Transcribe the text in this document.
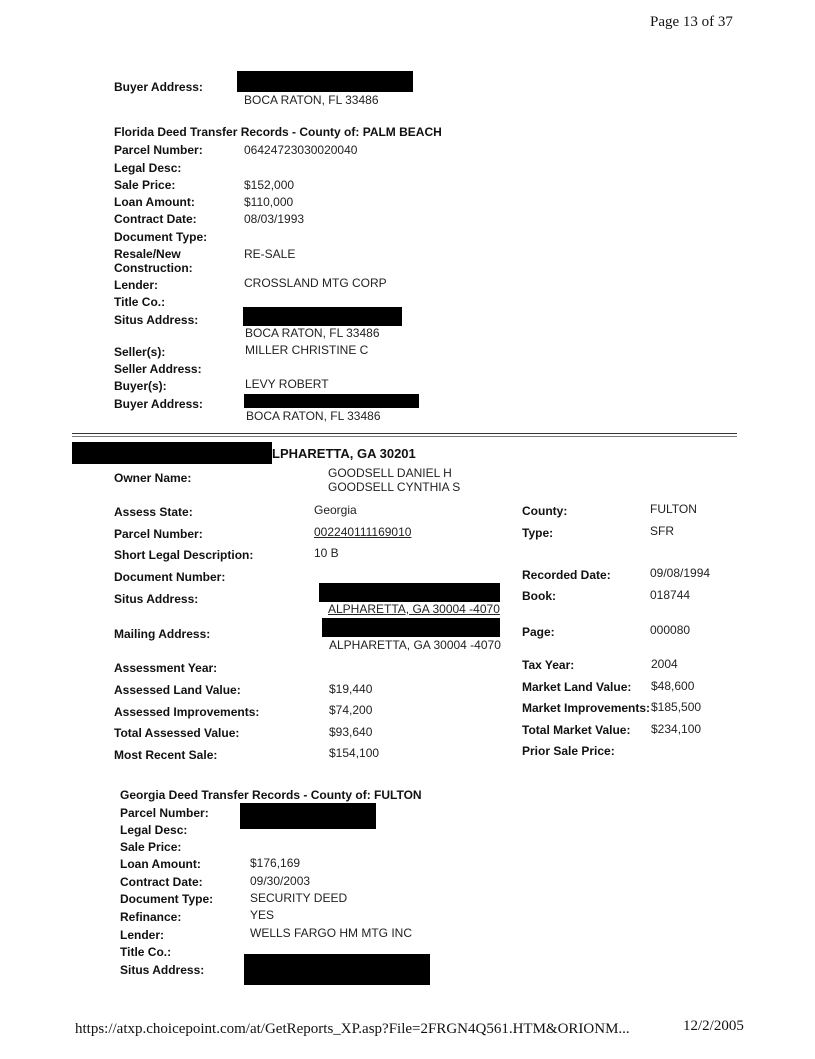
Page 13 of 37
Buyer Address:
BOCA RATON, FL 33486
Florida Deed Transfer Records - County of: PALM BEACH
Parcel Number:	06424723030020040
Legal Desc:
Sale Price:	$152,000
Loan Amount:	$110,000
Contract Date:	08/03/1993
Document Type:
Resale/New
Construction:
RE-SALE
Lender:	CROSSLAND MTG CORP
Title Co.:
Situs Address:
BOCA RATON, FL 33486
Seller(s):	MILLER CHRISTINE C
Seller Address:
Buyer(s):	LEVY ROBERT
Buyer Address:
BOCA RATON, FL 33486
LPHARETTA, GA 30201
Owner Name:	GOODSELL DANIEL H
GOODSELL CYNTHIA S
Assess State:	Georgia
Parcel Number:	002240111169010
Short Legal Description:	10 B
Document Number:
Situs Address:
ALPHARETTA, GA 30004 -4070
Mailing Address:
ALPHARETTA, GA 30004 -4070
Assessment Year:
Assessed Land Value:	$19,440
Assessed Improvements:	$74,200
Total Assessed Value:	$93,640
Most Recent Sale:	$154,100
County:	FULTON
Type:	SFR
Recorded Date:	09/08/1994
Book:	018744
Page:	000080
Tax Year:	2004
Market Land Value: $48,600
Market Improvements: $185,500
Total Market Value: $234,100
Prior Sale Price:
Georgia Deed Transfer Records - County of: FULTON
Parcel Number:
Legal Desc:
Sale Price:
Loan Amount:	$176,169
Contract Date:	09/30/2003
Document Type:	SECURITY DEED
Refinance:	YES
Lender:	WELLS FARGO HM MTG INC
Title Co.:
Situs Address:
https://atxp.choicepoint.com/at/GetReports_XP.asp?File=2FRGN4Q561.HTM&ORIONM...	12/2/2005
